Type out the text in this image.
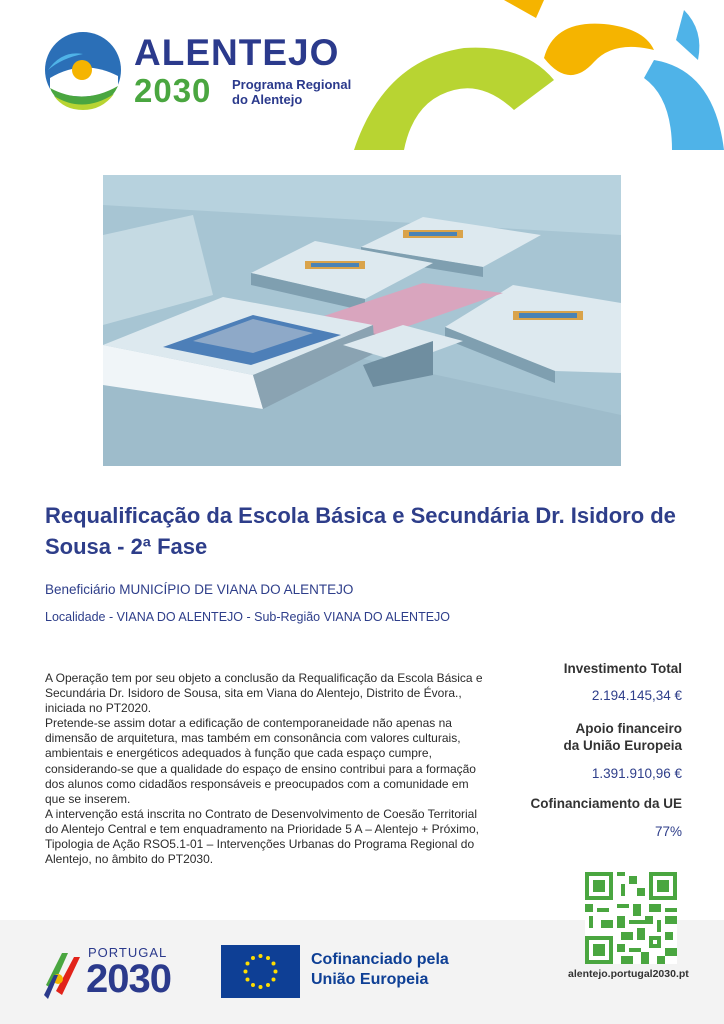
ALENTEJO
2030 Programa Regional
do Alentejo
Requalificação da Escola Básica e Secundária Dr. Isidoro de Sousa - 2ª Fase
Beneficiário MUNICÍPIO DE VIANA DO ALENTEJO
Localidade - VIANA DO ALENTEJO - Sub-Região VIANA DO ALENTEJO

A Operação tem por seu objeto a conclusão da Requalificação da Escola Básica e Secundária Dr. Isidoro de Sousa, sita em Viana do Alentejo, Distrito de Évora., iniciada no PT2020.

Pretende-se assim dotar a edificação de contemporaneidade não apenas na dimensão de arquitetura, mas também em consonância com valores culturais, ambientais e energéticos adequados à função que cada espaço cumpre, considerando-se que a qualidade do espaço de ensino contribui para a formação dos alunos como cidadãos responsáveis e preocupados com a comunidade em que se inserem.

A intervenção está inscrita no Contrato de Desenvolvimento de Coesão Territorial do Alentejo Central e tem enquadramento na Prioridade 5 A – Alentejo + Próximo, Tipologia de Ação RSO5.1-01 – Intervenções Urbanas do Programa Regional do Alentejo, no âmbito do PT2030.

Investimento Total
2.194.145,34 €
Apoio financeiro
da União Europeia
1.391.910,96 €
Cofinanciamento da UE
77%
PORTUGAL
2030	Cofinanciado pela
União Europeia	alentejo.portugal2030.pt
